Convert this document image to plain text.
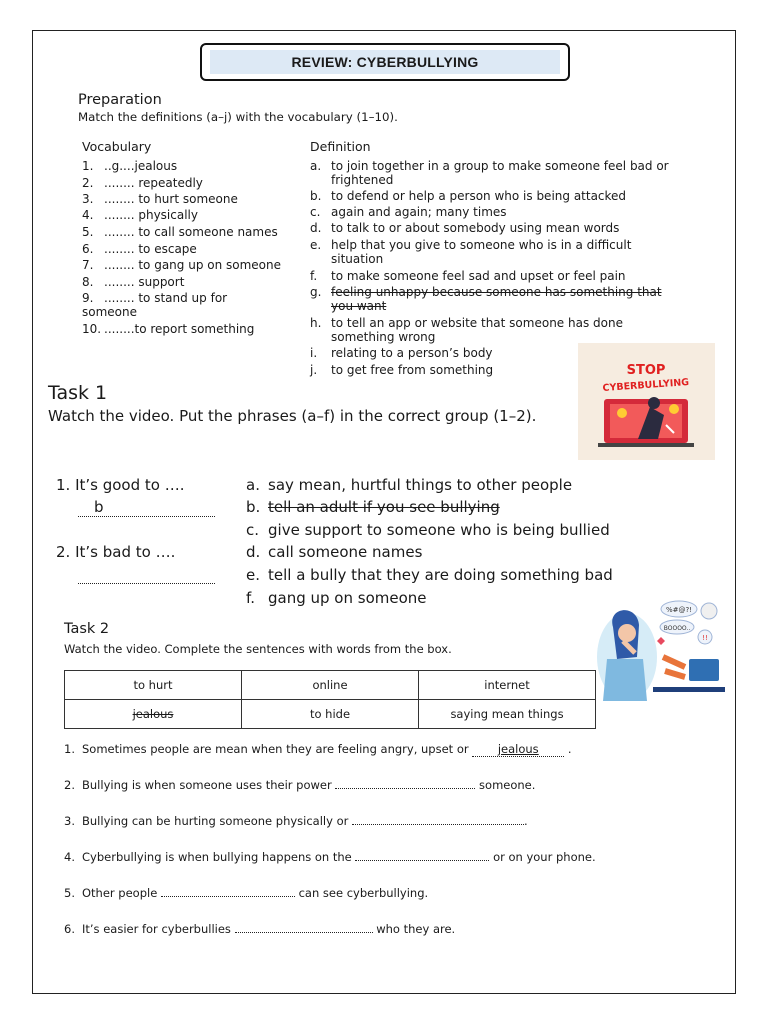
REVIEW: CYBERBULLYING
Preparation
Match the definitions (a–j) with the vocabulary (1–10).
Vocabulary	Definition
1. ..g....jealous
2. ........ repeatedly
3. ........ to hurt someone
4. ........ physically
5. ........ to call someone names
6. ........ to escape
7. ........ to gang up on someone
8. ........ support
9. ........ to stand up for
someone
10. ........to report something
a. to join together in a group to make someone feel bad or frightened
b. to defend or help a person who is being attacked
c. again and again; many times
d. to talk to or about somebody using mean words
e. help that you give to someone who is in a difficult situation
f. to make someone feel sad and upset or feel pain
g. feeling unhappy because someone has something that you want
h. to tell an app or website that someone has done something wrong
i. relating to a person’s body
j. to get free from something	STOP
CYBERBULLYING
Task 1
Watch the video. Put the phrases (a–f) in the correct group (1–2).
1. It’s good to ….
b
2. It’s bad to ….
a. say mean, hurtful things to other people
b. tell an adult if you see bullying
c. give support to someone who is being bullied
d. call someone names
e. tell a bully that they are doing something bad
f. gang up on someone
%#@?!
BOOOO..
!!
Task 2
Watch the video. Complete the sentences with words from the box.
to hurt	online	internet
jealous	to hide	saying mean things
1. Sometimes people are mean when they are feeling angry, upset or	jealous	.
2. Bullying is when someone uses their power	someone.
3. Bullying can be hurting someone physically or	.
4. Cyberbullying is when bullying happens on the	or on your phone.
5. Other people	can see cyberbullying.
6. It’s easier for cyberbullies	who they are.
